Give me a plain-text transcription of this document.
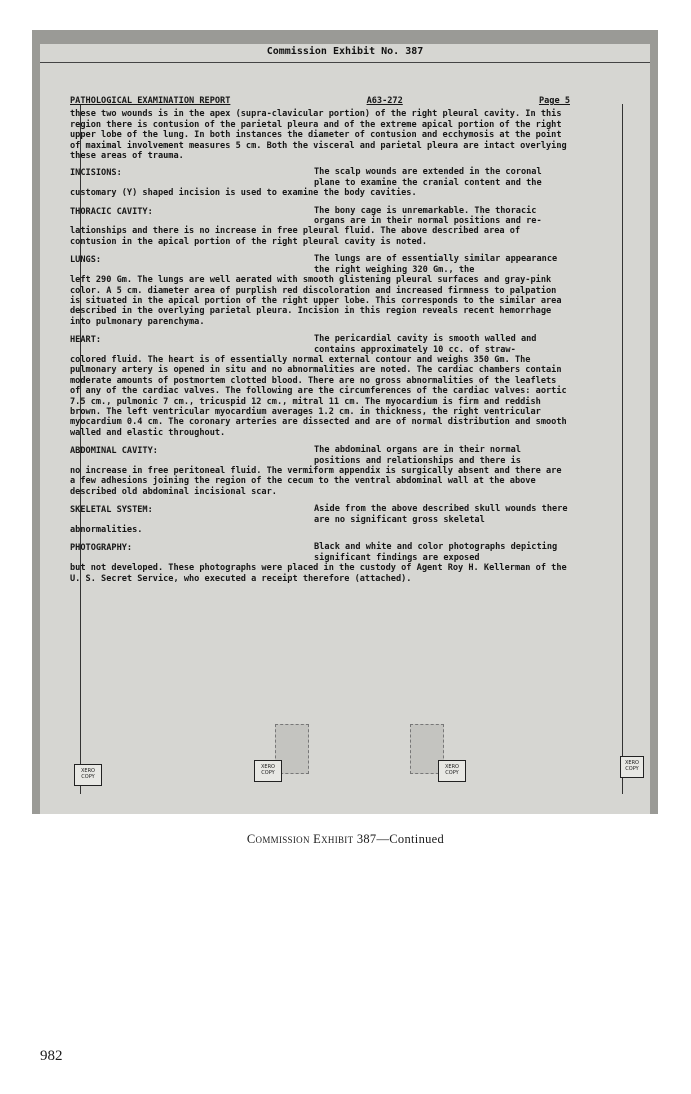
Commission Exhibit No. 387
XERO COPY
XERO COPY
XERO COPY
XERO COPY
PATHOLOGICAL EXAMINATION REPORT	A63-272	Page 5

these two wounds is in the apex (supra-clavicular portion) of the right pleural cavity. In this region there is contusion of the parietal pleura and of the extreme apical portion of the right upper lobe of the lung. In both instances the diameter of contusion and ecchymosis at the point of maximal involvement measures 5 cm. Both the visceral and parietal pleura are intact overlying these areas of trauma.

INCISIONS:	The scalp wounds are extended in the coronal plane to examine the cranial content and the

customary (Y) shaped incision is used to examine the body cavities.

THORACIC CAVITY:	The bony cage is unremarkable. The thoracic organs are in their normal positions and re-

lationships and there is no increase in free pleural fluid. The above described area of contusion in the apical portion of the right pleural cavity is noted.

LUNGS:	The lungs are of essentially similar appearance the right weighing 320 Gm., the

left 290 Gm. The lungs are well aerated with smooth glistening pleural surfaces and gray-pink color. A 5 cm. diameter area of purplish red discoloration and increased firmness to palpation is situated in the apical portion of the right upper lobe. This corresponds to the similar area described in the overlying parietal pleura. Incision in this region reveals recent hemorrhage into pulmonary parenchyma.

HEART:	The pericardial cavity is smooth walled and contains approximately 10 cc. of straw-

colored fluid. The heart is of essentially normal external contour and weighs 350 Gm. The pulmonary artery is opened in situ and no abnormalities are noted. The cardiac chambers contain moderate amounts of postmortem clotted blood. There are no gross abnormalities of the leaflets of any of the cardiac valves. The following are the circumferences of the cardiac valves: aortic 7.5 cm., pulmonic 7 cm., tricuspid 12 cm., mitral 11 cm. The myocardium is firm and reddish brown. The left ventricular myocardium averages 1.2 cm. in thickness, the right ventricular myocardium 0.4 cm. The coronary arteries are dissected and are of normal distribution and smooth walled and elastic throughout.

ABDOMINAL CAVITY:	The abdominal organs are in their normal positions and relationships and there is

no increase in free peritoneal fluid. The vermiform appendix is surgically absent and there are a few adhesions joining the region of the cecum to the ventral abdominal wall at the above described old abdominal incisional scar.

SKELETAL SYSTEM:	Aside from the above described skull wounds there are no significant gross skeletal

abnormalities.

PHOTOGRAPHY:	Black and white and color photographs depicting significant findings are exposed

but not developed. These photographs were placed in the custody of Agent Roy H. Kellerman of the U. S. Secret Service, who executed a receipt therefore (attached).

Commission Exhibit 387—Continued
982
